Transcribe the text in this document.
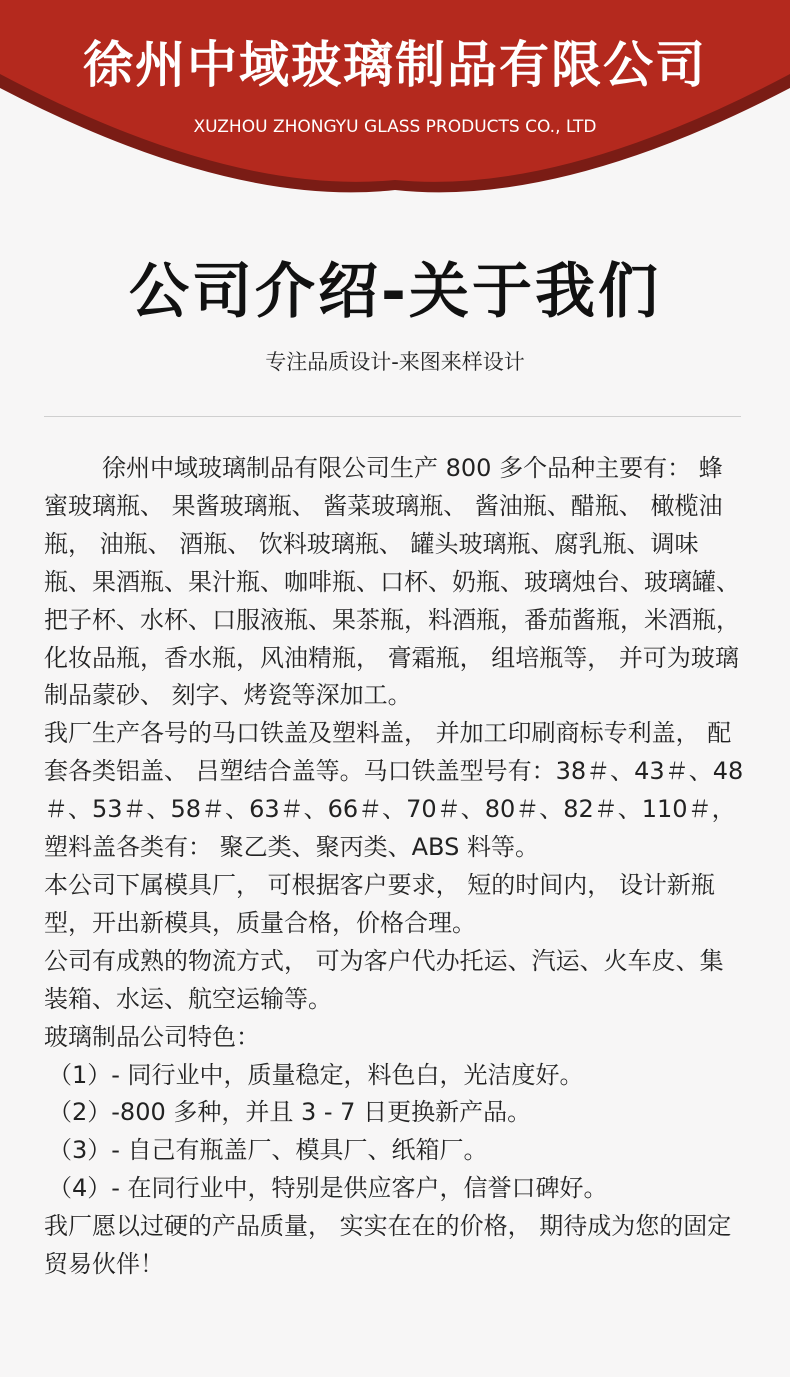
徐州中域玻璃制品有限公司
XUZHOU ZHONGYU GLASS PRODUCTS CO., LTD
公司介绍-关于我们
专注品质设计-来图来样设计

徐州中域玻璃制品有限公司生产 800 多个品种主要有： 蜂蜜玻璃瓶、 果酱玻璃瓶、 酱菜玻璃瓶、 酱油瓶、醋瓶、 橄榄油瓶， 油瓶、 酒瓶、 饮料玻璃瓶、 罐头玻璃瓶、腐乳瓶、调味瓶、果酒瓶、果汁瓶、咖啡瓶、口杯、奶瓶、玻璃烛台、玻璃罐、把子杯、水杯、口服液瓶、果茶瓶，料酒瓶，番茄酱瓶，米酒瓶，化妆品瓶，香水瓶，风油精瓶， 膏霜瓶， 组培瓶等， 并可为玻璃制品蒙砂、 刻字、烤瓷等深加工。

我厂生产各号的马口铁盖及塑料盖， 并加工印刷商标专利盖， 配套各类铝盖、 吕塑结合盖等。马口铁盖型号有：38＃、43＃、48＃、53＃、58＃、63＃、66＃、70＃、80＃、82＃、110＃，塑料盖各类有： 聚乙类、聚丙类、ABS 料等。

本公司下属模具厂， 可根据客户要求， 短的时间内， 设计新瓶型，开出新模具，质量合格，价格合理。

公司有成熟的物流方式， 可为客户代办托运、汽运、火车皮、集装箱、水运、航空运输等。

玻璃制品公司特色：

（1）- 同行业中，质量稳定，料色白，光洁度好。

（2）-800 多种，并且 3 - 7 日更换新产品。

（3）- 自己有瓶盖厂、模具厂、纸箱厂。

（4）- 在同行业中，特别是供应客户，信誉口碑好。

我厂愿以过硬的产品质量， 实实在在的价格， 期待成为您的固定贸易伙伴！
